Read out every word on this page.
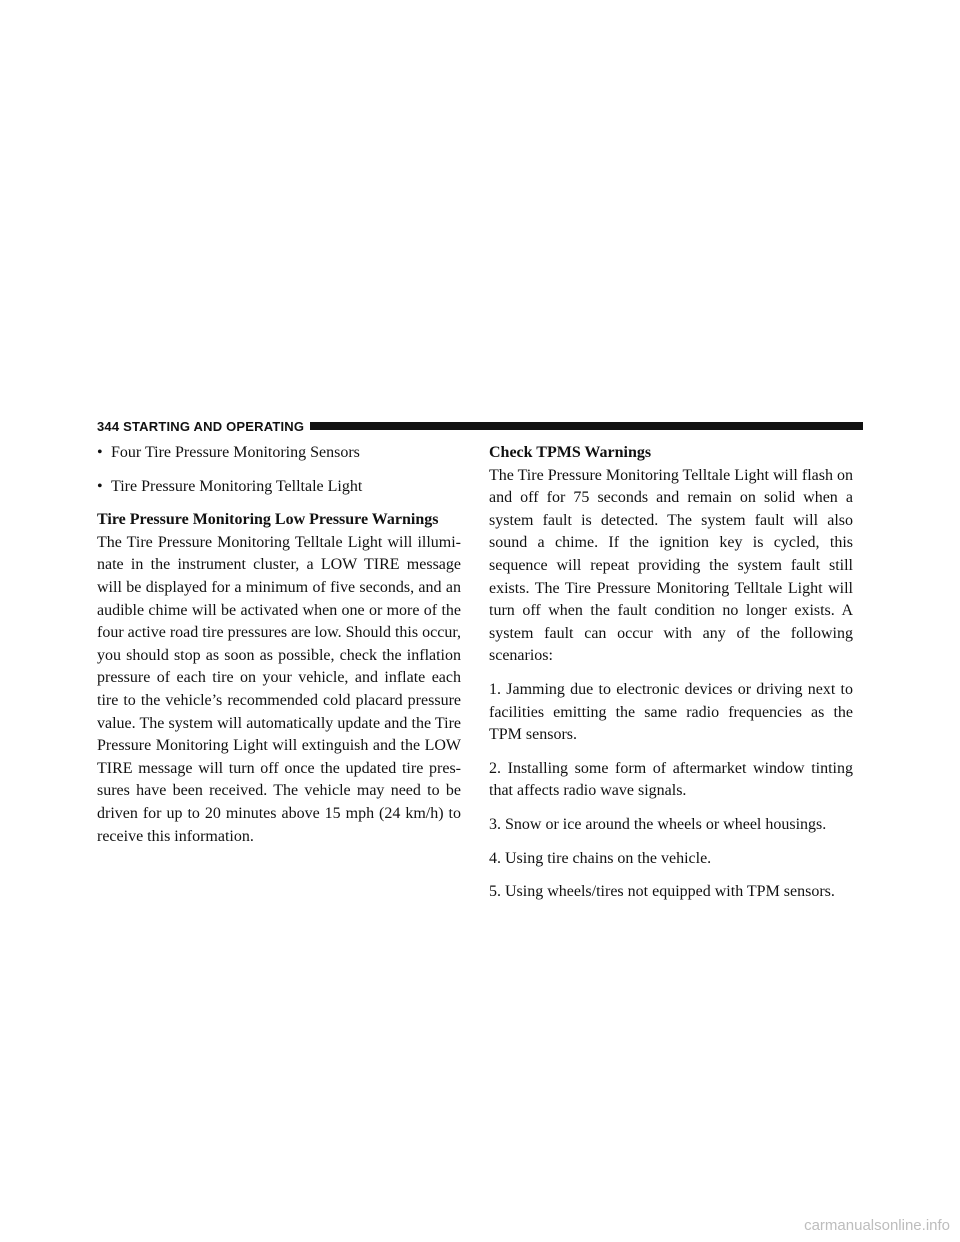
344 STARTING AND OPERATING
• Four Tire Pressure Monitoring Sensors
• Tire Pressure Monitoring Telltale Light

Tire Pressure Monitoring Low Pressure Warnings

The Tire Pressure Monitoring Telltale Light will illumi-nate in the instrument cluster, a LOW TIRE message will be displayed for a minimum of five seconds, and an audible chime will be activated when one or more of the four active road tire pressures are low. Should this occur, you should stop as soon as possible, check the inflation pressure of each tire on your vehicle, and inflate each tire to the vehicle’s recommended cold placard pressure value. The system will automatically update and the Tire Pressure Monitoring Light will extinguish and the LOW TIRE message will turn off once the updated tire pres-sures have been received. The vehicle may need to be driven for up to 20 minutes above 15 mph (24 km/h) to receive this information.

Check TPMS Warnings

The Tire Pressure Monitoring Telltale Light will flash on and off for 75 seconds and remain on solid when a system fault is detected. The system fault will also sound a chime. If the ignition key is cycled, this sequence will repeat providing the system fault still exists. The Tire Pressure Monitoring Telltale Light will turn off when the fault condition no longer exists. A system fault can occur with any of the following scenarios:

1. Jamming due to electronic devices or driving next to facilities emitting the same radio frequencies as the TPM sensors.

2. Installing some form of aftermarket window tinting that affects radio wave signals.

3. Snow or ice around the wheels or wheel housings.

4. Using tire chains on the vehicle.

5. Using wheels/tires not equipped with TPM sensors.

carmanualsonline.info
